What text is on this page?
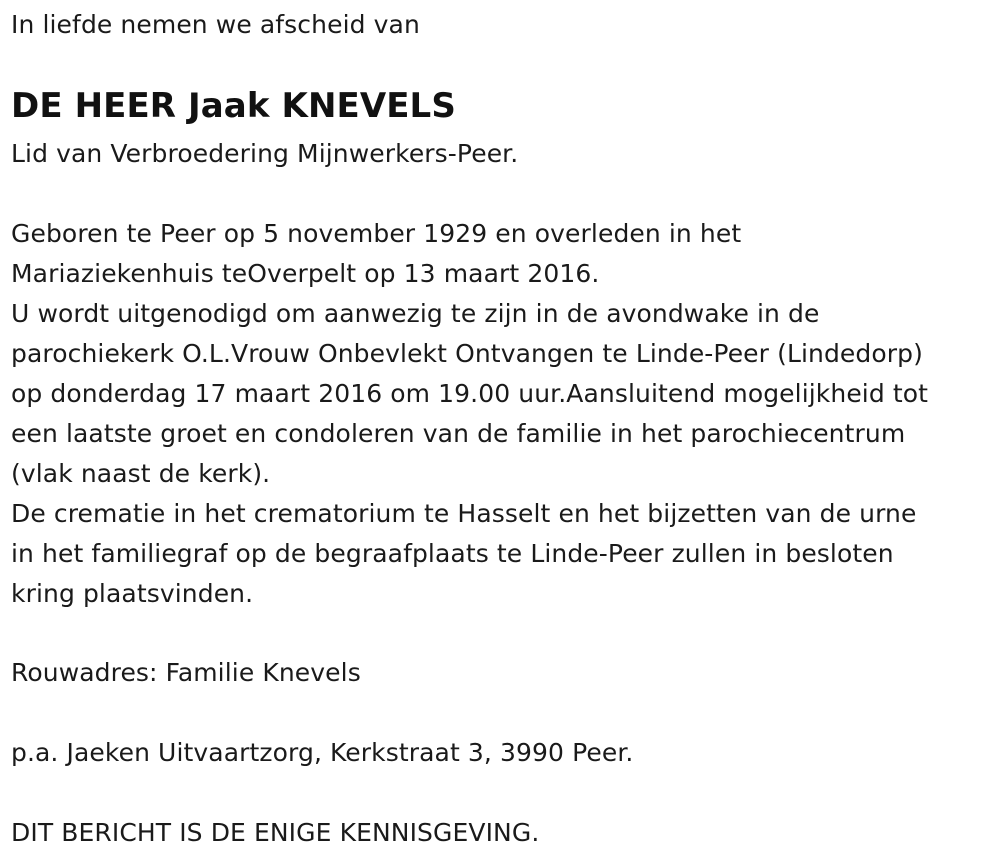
In liefde nemen we afscheid van
DE HEER Jaak KNEVELS
Lid van Verbroedering Mijnwerkers-Peer.
Geboren te Peer op 5 november 1929 en overleden in het
Mariaziekenhuis teOverpelt op 13 maart 2016.
U wordt uitgenodigd om aanwezig te zijn in de avondwake in de
parochiekerk O.L.Vrouw Onbevlekt Ontvangen te Linde-Peer (Lindedorp)
op donderdag 17 maart 2016 om 19.00 uur.Aansluitend mogelijkheid tot
een laatste groet en condoleren van de familie in het parochiecentrum
(vlak naast de kerk).
De crematie in het crematorium te Hasselt en het bijzetten van de urne
in het familiegraf op de begraafplaats te Linde-Peer zullen in besloten
kring plaatsvinden.
Rouwadres: Familie Knevels
p.a. Jaeken Uitvaartzorg, Kerkstraat 3, 3990 Peer.
DIT BERICHT IS DE ENIGE KENNISGEVING.
